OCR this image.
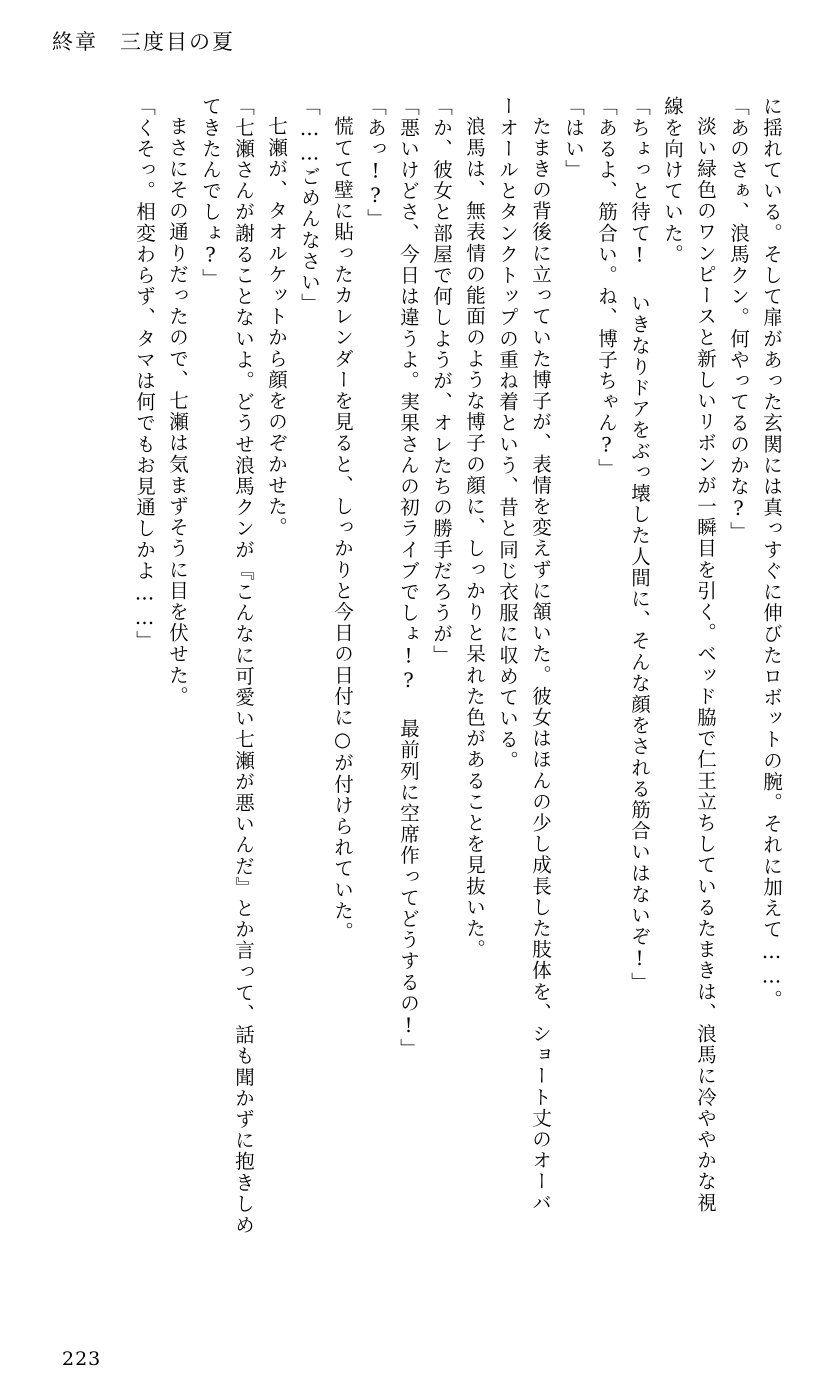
終章 三度目の夏
に揺れている。そして扉があった玄関には真っすぐに伸びたロボットの腕。それに加えて……。
「あのさぁ、浪馬クン。何やってるのかな?」
淡い緑色のワンピースと新しいリボンが一瞬目を引く。ベッド脇で仁王立ちしているたまきは、浪馬に冷ややかな視
線を向けていた。
「ちょっと待て! いきなりドアをぶっ壊した人間に、そんな顔をされる筋合いはないぞ!」
「あるよ、筋合い。ね、博子ちゃん?」
「はい」
たまきの背後に立っていた博子が、表情を変えずに頷いた。彼女はほんの少し成長した肢体を、ショート丈のオーバ
ーオールとタンクトップの重ね着という、昔と同じ衣服に収めている。
浪馬は、無表情の能面のような博子の顔に、しっかりと呆れた色があることを見抜いた。
「か、彼女と部屋で何しようが、オレたちの勝手だろうが」
「悪いけどさ、今日は違うよ。実果さんの初ライブでしょ!? 最前列に空席作ってどうするの!」
「あっ!?」
慌てて壁に貼ったカレンダーを見ると、しっかりと今日の日付に○が付けられていた。
「……ごめんなさい」
七瀬が、タオルケットから顔をのぞかせた。
「七瀬さんが謝ることないよ。どうせ浪馬クンが『こんなに可愛い七瀬が悪いんだ』とか言って、話も聞かずに抱きしめ
てきたんでしょ?」
まさにその通りだったので、七瀬は気まずそうに目を伏せた。
「くそっ。相変わらず、タマは何でもお見通しかよ……」
223
